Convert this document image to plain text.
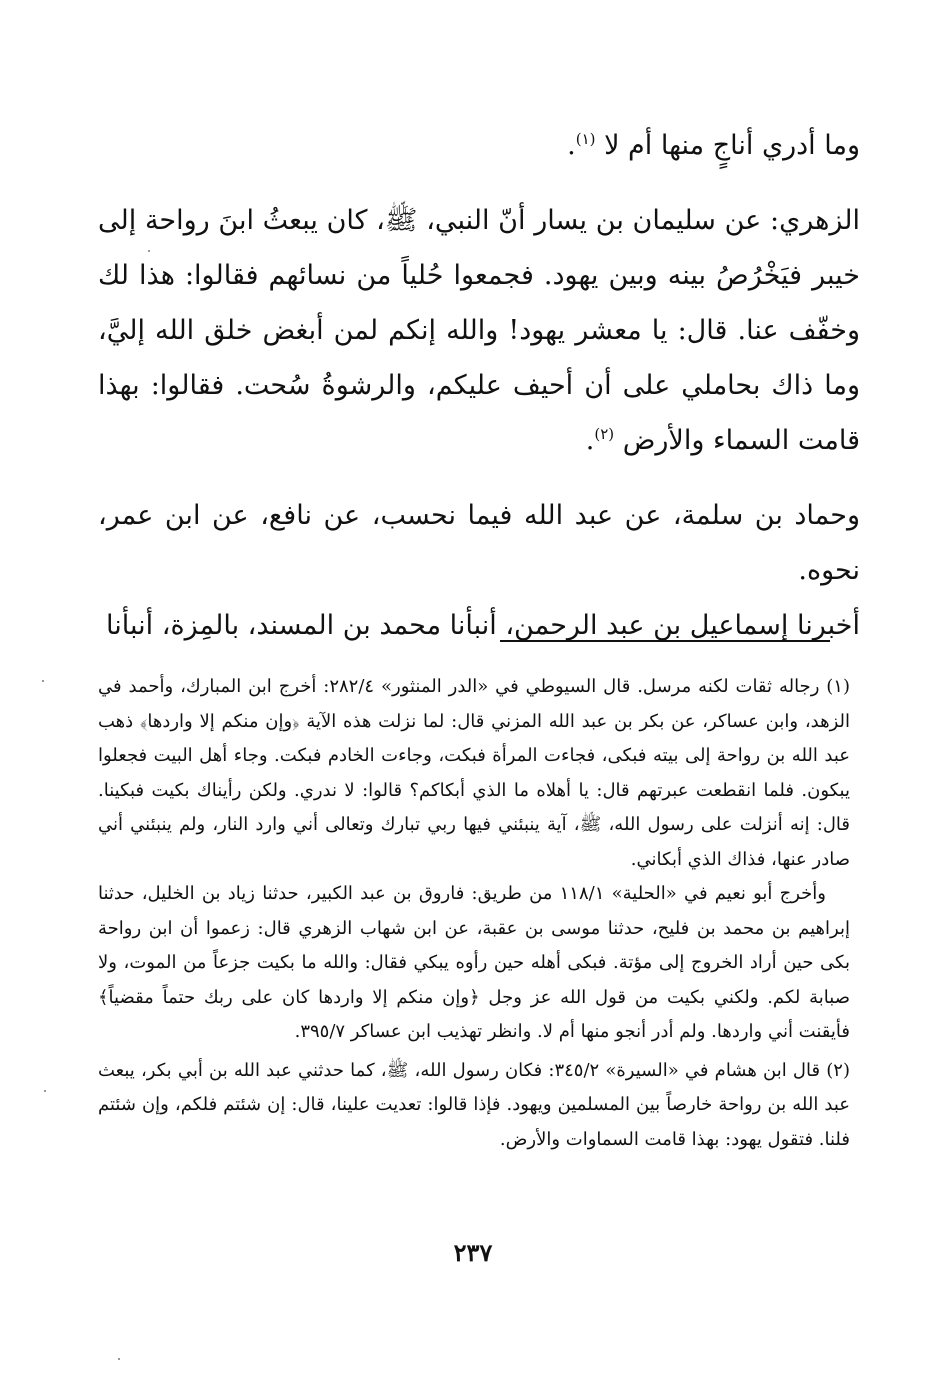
وما أدري أناجٍ منها أم لا $^{(١)}$.

الزهري: عن سليمان بن يسار أنّ النبي، ﷺ، كان يبعثُ ابنَ رواحة إلى خيبر فيَخْرُصُ بينه وبين يهود. فجمعوا حُلياً من نسائهم فقالوا: هذا لك وخفّف عنا. قال: يا معشر يهود! والله إنكم لمن أبغض خلق الله إليَّ، وما ذاك بحاملي على أن أحيف عليكم، والرشوةُ سُحت. فقالوا: بهذا قامت السماء والأرض $^{(٢)}$.

وحماد بن سلمة، عن عبد الله فيما نحسب، عن نافع، عن ابن عمر، نحوه.

أخبرنا إسماعيل بن عبد الرحمن، أنبأنا محمد بن المسند، بالمِزة، أنبأنا

(١) رجاله ثقات لكنه مرسل. قال السيوطي في «الدر المنثور» ٢٨٢/٤: أخرج ابن المبارك، وأحمد في الزهد، وابن عساكر، عن بكر بن عبد الله المزني قال: لما نزلت هذه الآية ﴿وإن منكم إلا واردها﴾ ذهب عبد الله بن رواحة إلى بيته فبكى، فجاءت المرأة فبكت، وجاءت الخادم فبكت. وجاء أهل البيت فجعلوا يبكون. فلما انقطعت عبرتهم قال: يا أهلاه ما الذي أبكاكم؟ قالوا: لا ندري. ولكن رأيناك بكيت فبكينا. قال: إنه أنزلت على رسول الله، ﷺ، آية ينبئني فيها ربي تبارك وتعالى أني وارد النار، ولم ينبئني أني صادر عنها، فذاك الذي أبكاني.

وأخرج أبو نعيم في «الحلية» ١١٨/١ من طريق: فاروق بن عبد الكبير، حدثنا زياد بن الخليل، حدثنا إبراهيم بن محمد بن فليح، حدثنا موسى بن عقبة، عن ابن شهاب الزهري قال: زعموا أن ابن رواحة بكى حين أراد الخروج إلى مؤتة. فبكى أهله حين رأوه يبكي فقال: والله ما بكيت جزعاً من الموت، ولا صبابة لكم. ولكني بكيت من قول الله عز وجل ﴿وإن منكم إلا واردها كان على ربك حتماً مقضياً﴾ فأيقنت أني واردها. ولم أدر أنجو منها أم لا. وانظر تهذيب ابن عساكر ٣٩٥/٧.

(٢) قال ابن هشام في «السيرة» ٣٤٥/٢: فكان رسول الله، ﷺ، كما حدثني عبد الله بن أبي بكر، يبعث عبد الله بن رواحة خارصاً بين المسلمين ويهود. فإذا قالوا: تعديت علينا، قال: إن شئتم فلكم، وإن شئتم فلنا. فتقول يهود: بهذا قامت السماوات والأرض.

٢٣٧
